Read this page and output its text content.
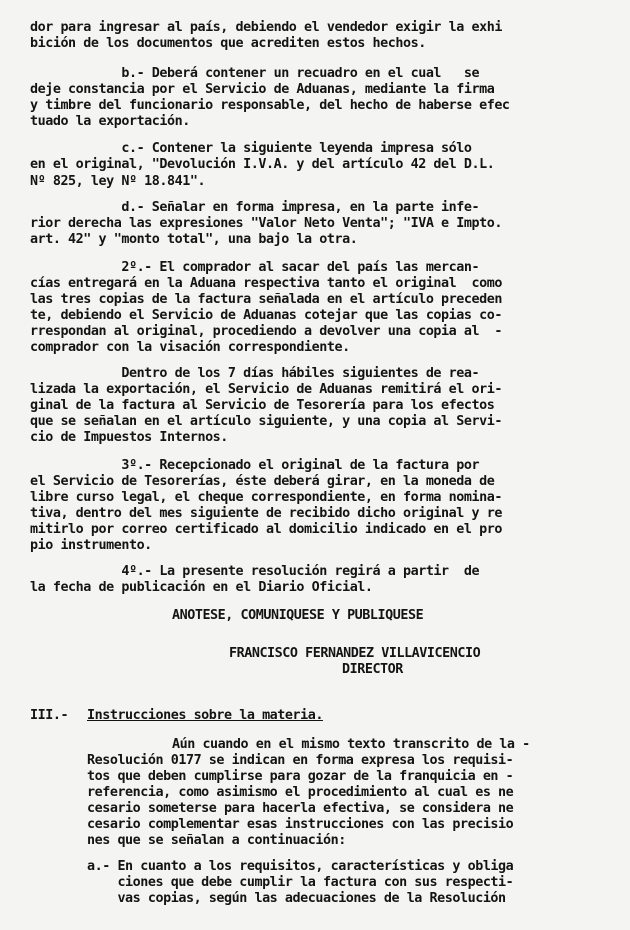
dor para ingresar al país, debiendo el vendedor exigir la exhi
bición de los documentos que acrediten estos hechos.
b.- Deberá contener un recuadro en el cual   se
deje constancia por el Servicio de Aduanas, mediante la firma
y timbre del funcionario responsable, del hecho de haberse efec
tuado la exportación.
c.- Contener la siguiente leyenda impresa sólo
en el original, "Devolución I.V.A. y del artículo 42 del D.L.
Nº 825, ley Nº 18.841".
d.- Señalar en forma impresa, en la parte infe-
rior derecha las expresiones "Valor Neto Venta"; "IVA e Impto.
art. 42" y "monto total", una bajo la otra.
2º.- El comprador al sacar del país las mercan-
cías entregará en la Aduana respectiva tanto el original  como
las tres copias de la factura señalada en el artículo preceden
te, debiendo el Servicio de Aduanas cotejar que las copias co-
rrespondan al original, procediendo a devolver una copia al  -
comprador con la visación correspondiente.
Dentro de los 7 días hábiles siguientes de rea-
lizada la exportación, el Servicio de Aduanas remitirá el ori-
ginal de la factura al Servicio de Tesorería para los efectos
que se señalan en el artículo siguiente, y una copia al Servi-
cio de Impuestos Internos.
3º.- Recepcionado el original de la factura por
el Servicio de Tesorerías, éste deberá girar, en la moneda de
libre curso legal, el cheque correspondiente, en forma nomina-
tiva, dentro del mes siguiente de recibido dicho original y re
mitirlo por correo certificado al domicilio indicado en el pro
pio instrumento.
4º.- La presente resolución regirá a partir  de
la fecha de publicación en el Diario Oficial.
ANOTESE, COMUNIQUESE Y PUBLIQUESE
FRANCISCO FERNANDEZ VILLAVICENCIO
DIRECTOR
III.- Instrucciones sobre la materia.
Aún cuando en el mismo texto transcrito de la -
Resolución 0177 se indican en forma expresa los requisi-
tos que deben cumplirse para gozar de la franquicia en -
referencia, como asimismo el procedimiento al cual es ne
cesario someterse para hacerla efectiva, se considera ne
cesario complementar esas instrucciones con las precisio
nes que se señalan a continuación:
a.- En cuanto a los requisitos, características y obliga
ciones que debe cumplir la factura con sus respecti-
vas copias, según las adecuaciones de la Resolución
